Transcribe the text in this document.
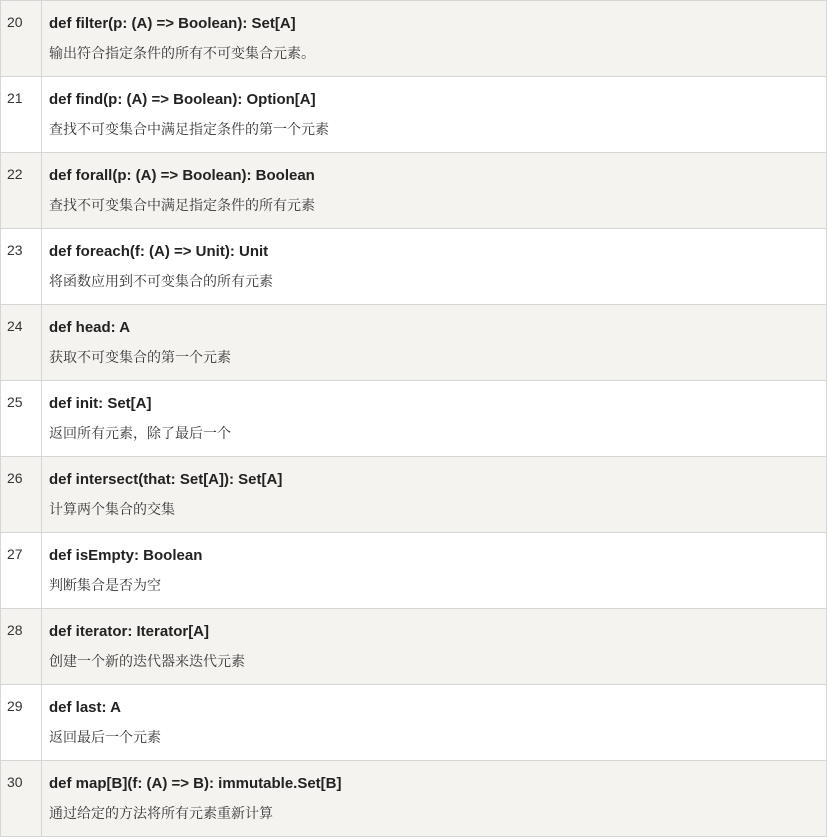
20	def filter(p: (A) => Boolean): Set[A]
输出符合指定条件的所有不可变集合元素。

21	def find(p: (A) => Boolean): Option[A]
查找不可变集合中满足指定条件的第一个元素

22	def forall(p: (A) => Boolean): Boolean
查找不可变集合中满足指定条件的所有元素

23	def foreach(f: (A) => Unit): Unit
将函数应用到不可变集合的所有元素

24	def head: A
获取不可变集合的第一个元素

25	def init: Set[A]
返回所有元素，除了最后一个

26	def intersect(that: Set[A]): Set[A]
计算两个集合的交集

27	def isEmpty: Boolean
判断集合是否为空

28	def iterator: Iterator[A]
创建一个新的迭代器来迭代元素

29	def last: A
返回最后一个元素

30	def map[B](f: (A) => B): immutable.Set[B]
通过给定的方法将所有元素重新计算
